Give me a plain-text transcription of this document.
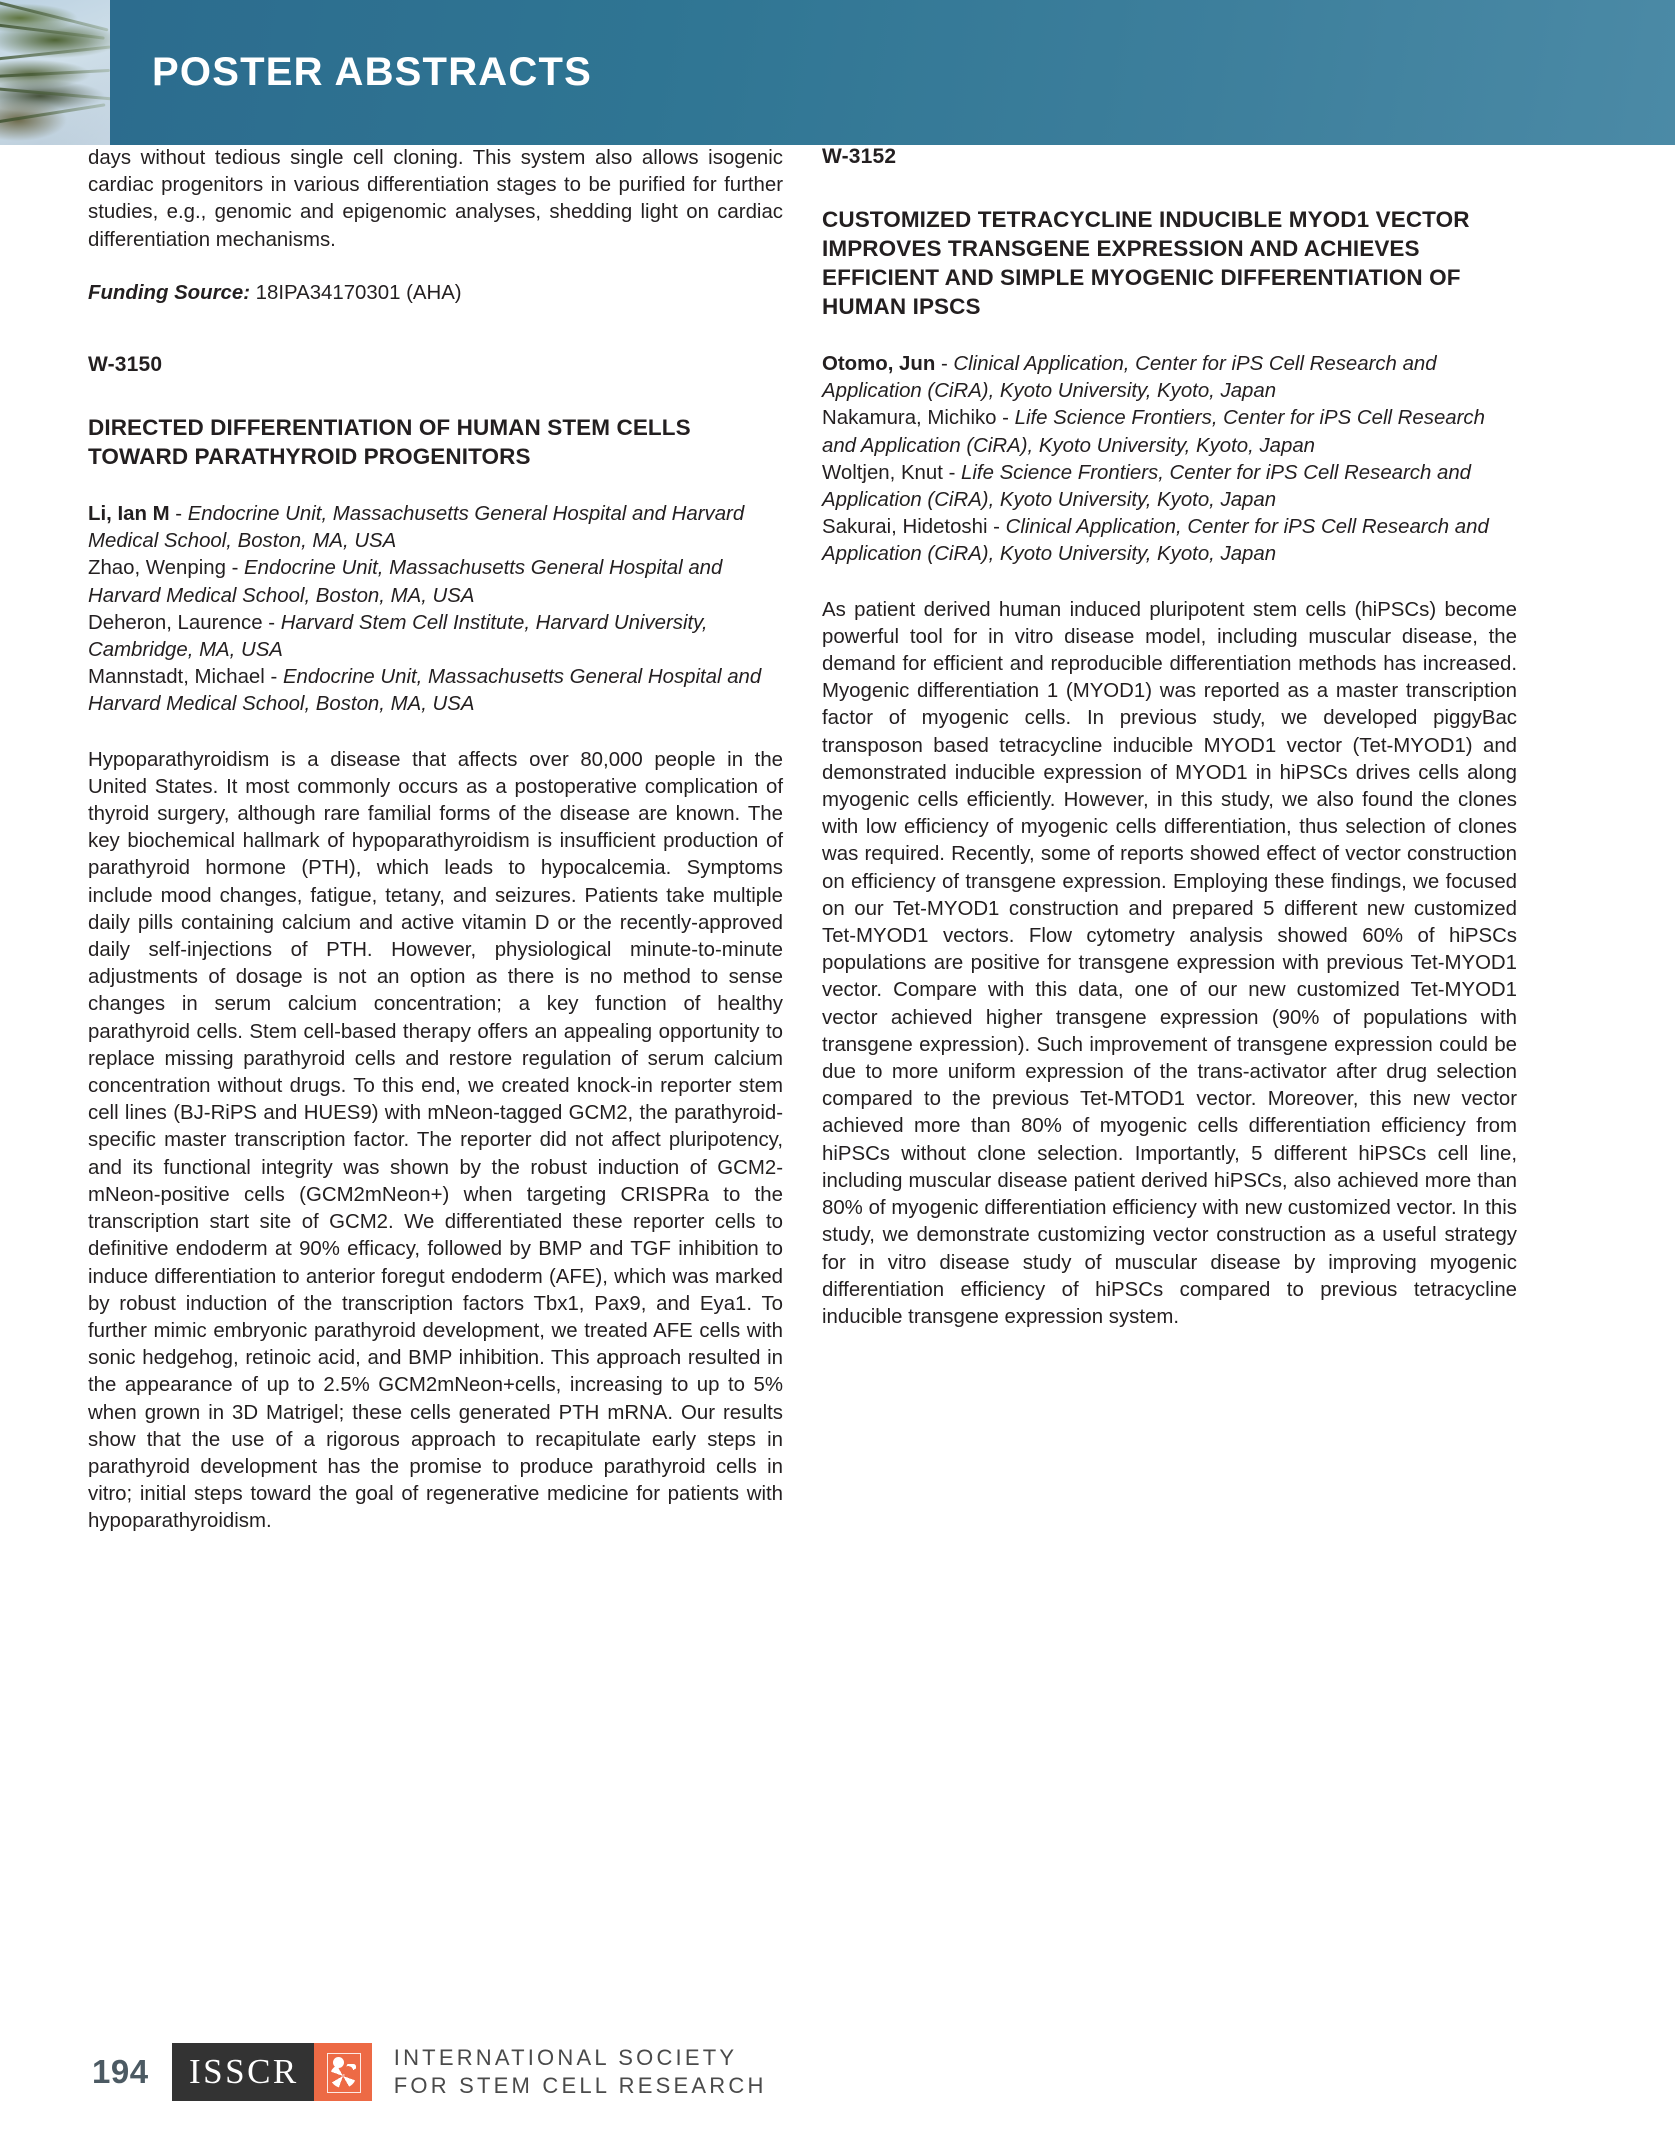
POSTER ABSTRACTS
days without tedious single cell cloning. This system also allows isogenic cardiac progenitors in various differentiation stages to be purified for further studies, e.g., genomic and epigenomic analyses, shedding light on cardiac differentiation mechanisms.
Funding Source: 18IPA34170301 (AHA)
W-3150
DIRECTED DIFFERENTIATION OF HUMAN STEM CELLS TOWARD PARATHYROID PROGENITORS
Li, Ian M - Endocrine Unit, Massachusetts General Hospital and Harvard Medical School, Boston, MA, USA
Zhao, Wenping - Endocrine Unit, Massachusetts General Hospital and Harvard Medical School, Boston, MA, USA
Deheron, Laurence - Harvard Stem Cell Institute, Harvard University, Cambridge, MA, USA
Mannstadt, Michael - Endocrine Unit, Massachusetts General Hospital and Harvard Medical School, Boston, MA, USA
Hypoparathyroidism is a disease that affects over 80,000 people in the United States. It most commonly occurs as a postoperative complication of thyroid surgery, although rare familial forms of the disease are known. The key biochemical hallmark of hypoparathyroidism is insufficient production of parathyroid hormone (PTH), which leads to hypocalcemia. Symptoms include mood changes, fatigue, tetany, and seizures. Patients take multiple daily pills containing calcium and active vitamin D or the recently-approved daily self-injections of PTH. However, physiological minute-to-minute adjustments of dosage is not an option as there is no method to sense changes in serum calcium concentration; a key function of healthy parathyroid cells. Stem cell-based therapy offers an appealing opportunity to replace missing parathyroid cells and restore regulation of serum calcium concentration without drugs. To this end, we created knock-in reporter stem cell lines (BJ-RiPS and HUES9) with mNeon-tagged GCM2, the parathyroid-specific master transcription factor. The reporter did not affect pluripotency, and its functional integrity was shown by the robust induction of GCM2-mNeon-positive cells (GCM2mNeon+) when targeting CRISPRa to the transcription start site of GCM2. We differentiated these reporter cells to definitive endoderm at 90% efficacy, followed by BMP and TGF inhibition to induce differentiation to anterior foregut endoderm (AFE), which was marked by robust induction of the transcription factors Tbx1, Pax9, and Eya1. To further mimic embryonic parathyroid development, we treated AFE cells with sonic hedgehog, retinoic acid, and BMP inhibition. This approach resulted in the appearance of up to 2.5% GCM2mNeon+cells, increasing to up to 5% when grown in 3D Matrigel; these cells generated PTH mRNA. Our results show that the use of a rigorous approach to recapitulate early steps in parathyroid development has the promise to produce parathyroid cells in vitro; initial steps toward the goal of regenerative medicine for patients with hypoparathyroidism.
W-3152
CUSTOMIZED TETRACYCLINE INDUCIBLE MYOD1 VECTOR IMPROVES TRANSGENE EXPRESSION AND ACHIEVES EFFICIENT AND SIMPLE MYOGENIC DIFFERENTIATION OF HUMAN IPSCS
Otomo, Jun - Clinical Application, Center for iPS Cell Research and Application (CiRA), Kyoto University, Kyoto, Japan
Nakamura, Michiko - Life Science Frontiers, Center for iPS Cell Research and Application (CiRA), Kyoto University, Kyoto, Japan
Woltjen, Knut - Life Science Frontiers, Center for iPS Cell Research and Application (CiRA), Kyoto University, Kyoto, Japan
Sakurai, Hidetoshi - Clinical Application, Center for iPS Cell Research and Application (CiRA), Kyoto University, Kyoto, Japan
As patient derived human induced pluripotent stem cells (hiPSCs) become powerful tool for in vitro disease model, including muscular disease, the demand for efficient and reproducible differentiation methods has increased. Myogenic differentiation 1 (MYOD1) was reported as a master transcription factor of myogenic cells. In previous study, we developed piggyBac transposon based tetracycline inducible MYOD1 vector (Tet-MYOD1) and demonstrated inducible expression of MYOD1 in hiPSCs drives cells along myogenic cells efficiently. However, in this study, we also found the clones with low efficiency of myogenic cells differentiation, thus selection of clones was required. Recently, some of reports showed effect of vector construction on efficiency of transgene expression. Employing these findings, we focused on our Tet-MYOD1 construction and prepared 5 different new customized Tet-MYOD1 vectors. Flow cytometry analysis showed 60% of hiPSCs populations are positive for transgene expression with previous Tet-MYOD1 vector. Compare with this data, one of our new customized Tet-MYOD1 vector achieved higher transgene expression (90% of populations with transgene expression). Such improvement of transgene expression could be due to more uniform expression of the trans-activator after drug selection compared to the previous Tet-MTOD1 vector. Moreover, this new vector achieved more than 80% of myogenic cells differentiation efficiency from hiPSCs without clone selection. Importantly, 5 different hiPSCs cell line, including muscular disease patient derived hiPSCs, also achieved more than 80% of myogenic differentiation efficiency with new customized vector. In this study, we demonstrate customizing vector construction as a useful strategy for in vitro disease study of muscular disease by improving myogenic differentiation efficiency of hiPSCs compared to previous tetracycline inducible transgene expression system.
194	ISSCR	INTERNATIONAL SOCIETY
FOR STEM CELL RESEARCH
